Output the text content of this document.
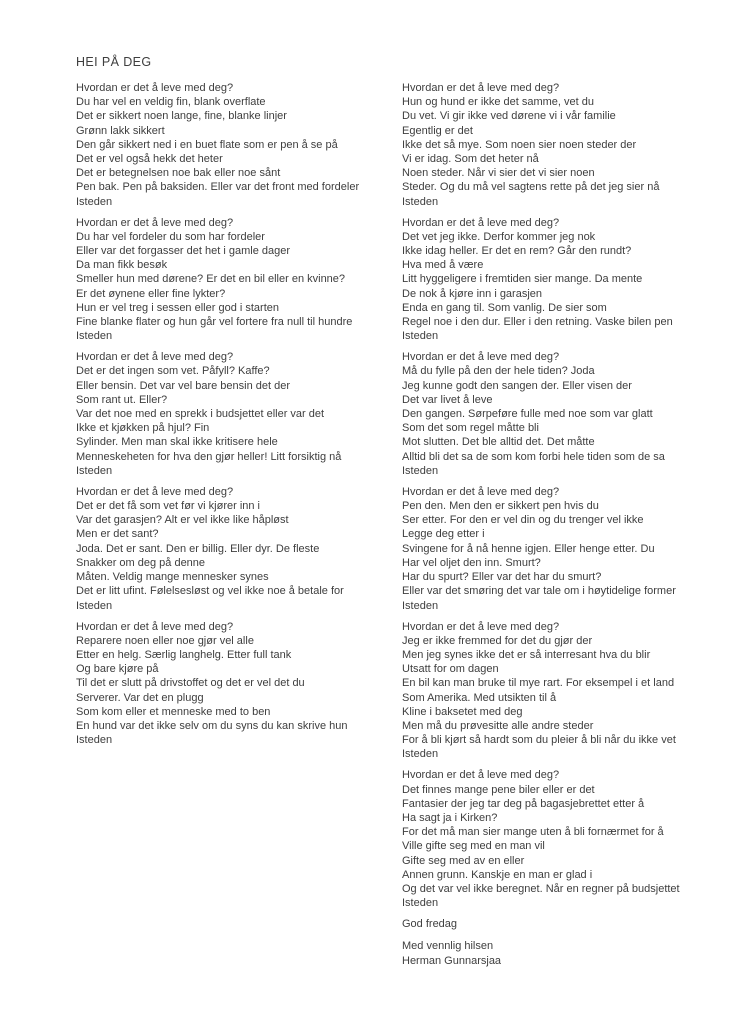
HEI PÅ DEG
Hvordan er det å leve med deg?
Du har vel en veldig fin, blank overflate
Det er sikkert noen lange, fine, blanke linjer
Grønn lakk sikkert
Den går sikkert ned i en buet flate som er pen å se på
Det er vel også hekk det heter
Det er betegnelsen noe bak eller noe sånt
Pen bak. Pen på baksiden. Eller var det front med fordeler
Isteden
Hvordan er det å leve med deg?
Du har vel fordeler du som har fordeler
Eller var det forgasser det het i gamle dager
Da man fikk besøk
Smeller hun med dørene? Er det en bil eller en kvinne?
Er det øynene eller fine lykter?
Hun er vel treg i sessen eller god i starten
Fine blanke flater og hun går vel fortere fra null til hundre
Isteden
Hvordan er det å leve med deg?
Det er det ingen som vet. Påfyll? Kaffe?
Eller bensin. Det var vel bare bensin det der
Som rant ut. Eller?
Var det noe med en sprekk i budsjettet eller var det
Ikke et kjøkken på hjul? Fin
Sylinder. Men man skal ikke kritisere hele
Menneskeheten for hva den gjør heller! Litt forsiktig nå
Isteden
Hvordan er det å leve med deg?
Det er det få som vet før vi kjører inn i
Var det garasjen? Alt er vel ikke like håpløst
Men er det sant?
Joda. Det er sant. Den er billig. Eller dyr. De fleste
Snakker om deg på denne
Måten. Veldig mange mennesker synes
Det er litt ufint. Følelsesløst og vel ikke noe å betale for
Isteden
Hvordan er det å leve med deg?
Reparere noen eller noe gjør vel alle
Etter en helg. Særlig langhelg. Etter full tank
Og bare kjøre på
Til det er slutt på drivstoffet og det er vel det du
Serverer. Var det en plugg
Som kom eller et menneske med to ben
En hund var det ikke selv om du syns du kan skrive hun
Isteden
Hvordan er det å leve med deg?
Hun og hund er ikke det samme, vet du
Du vet. Vi gir ikke ved dørene vi i vår familie
Egentlig er det
Ikke det så mye. Som noen sier noen steder der
Vi er idag. Som det heter nå
Noen steder. Når vi sier det vi sier noen
Steder. Og du må vel sagtens rette på det jeg sier nå
Isteden
Hvordan er det å leve med deg?
Det vet jeg ikke. Derfor kommer jeg nok
Ikke idag heller. Er det en rem? Går den rundt?
Hva med å være
Litt hyggeligere i fremtiden sier mange. Da mente
De nok å kjøre inn i garasjen
Enda en gang til. Som vanlig. De sier som
Regel noe i den dur. Eller i den retning. Vaske bilen pen
Isteden
Hvordan er det å leve med deg?
Må du fylle på den der hele tiden? Joda
Jeg kunne godt den sangen der. Eller visen der
Det var livet å leve
Den gangen. Sørpeføre fulle med noe som var glatt
Som det som regel måtte bli
Mot slutten. Det ble alltid det. Det måtte
Alltid bli det sa de som kom forbi hele tiden som de sa
Isteden
Hvordan er det å leve med deg?
Pen den. Men den er sikkert pen hvis du
Ser etter. For den er vel din og du trenger vel ikke
Legge deg etter i
Svingene for å nå henne igjen. Eller henge etter. Du
Har vel oljet den inn. Smurt?
Har du spurt? Eller var det har du smurt?
Eller var det smøring det var tale om i høytidelige former
Isteden
Hvordan er det å leve med deg?
Jeg er ikke fremmed for det du gjør der
Men jeg synes ikke det er så interresant hva du blir
Utsatt for om dagen
En bil kan man bruke til mye rart. For eksempel i et land
Som Amerika. Med utsikten til å
Kline i baksetet med deg
Men må du prøvesitte alle andre steder
For å bli kjørt så hardt som du pleier å bli når du ikke vet
Isteden
Hvordan er det å leve med deg?
Det finnes mange pene biler eller er det
Fantasier der jeg tar deg på bagasjebrettet etter å
Ha sagt ja i Kirken?
For det må man sier mange uten å bli fornærmet for å
Ville gifte seg med en man vil
Gifte seg med av en eller
Annen grunn. Kanskje en man er glad i
Og det var vel ikke beregnet. Når en regner på budsjettet
Isteden
God fredag
Med vennlig hilsen
Herman Gunnarsjaa
